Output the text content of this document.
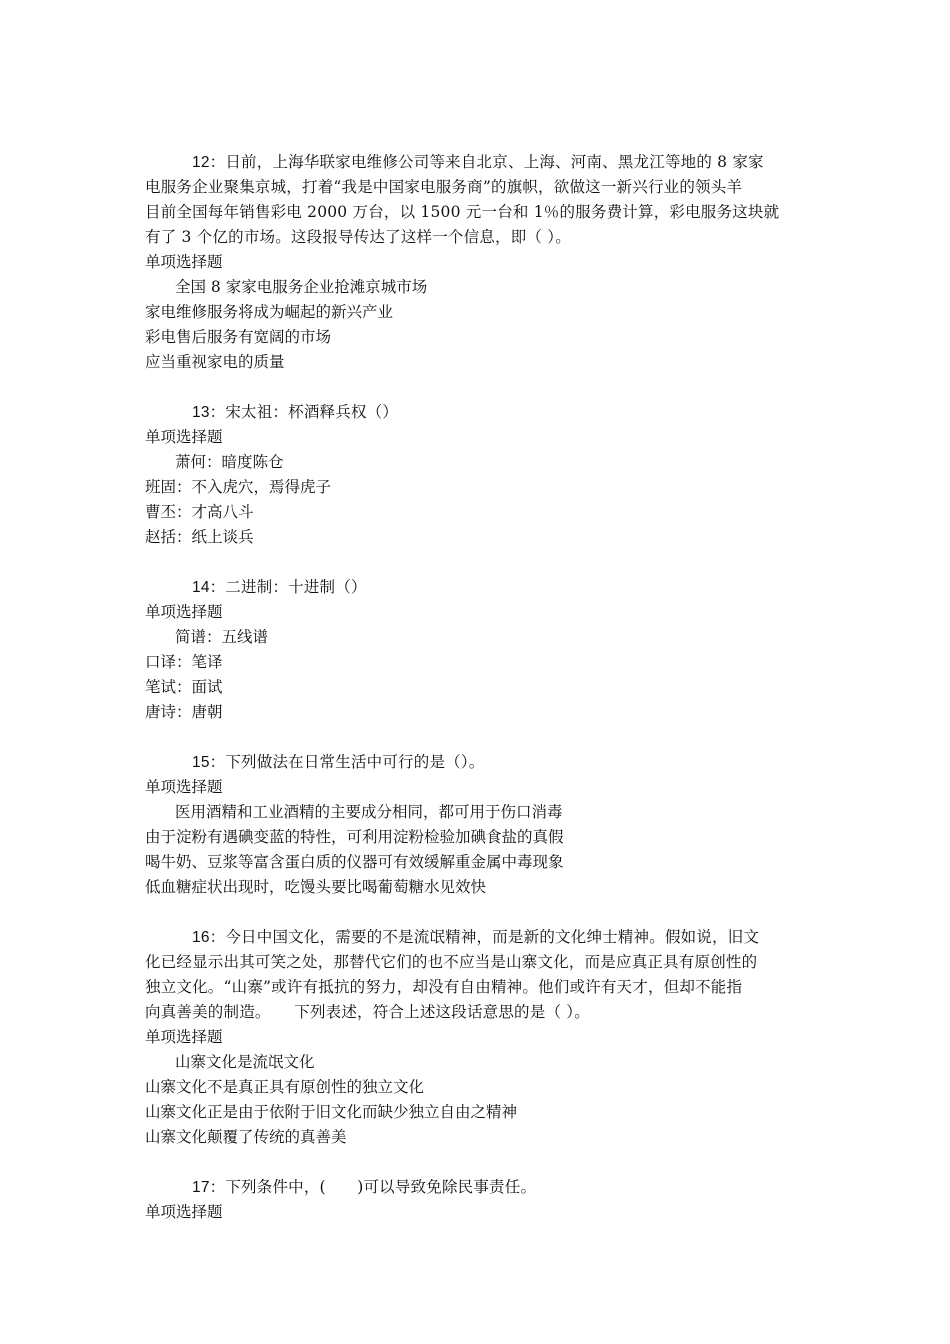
12：日前，上海华联家电维修公司等来自北京、上海、河南、黑龙江等地的 8 家家
电服务企业聚集京城，打着“我是中国家电服务商”的旗帜，欲做这一新兴行业的领头羊
目前全国每年销售彩电 2000 万台，以 1500 元一台和 1％的服务费计算，彩电服务这块就
有了 3 个亿的市场。这段报导传达了这样一个信息，即（ ）。
单项选择题
全国 8 家家电服务企业抢滩京城市场
家电维修服务将成为崛起的新兴产业
彩电售后服务有宽阔的市场
应当重视家电的质量
13：宋太祖：杯酒释兵权（）
单项选择题
萧何：暗度陈仓
班固：不入虎穴，焉得虎子
曹丕：才高八斗
赵括：纸上谈兵
14：二进制：十进制（）
单项选择题
简谱：五线谱
口译：笔译
笔试：面试
唐诗：唐朝
15：下列做法在日常生活中可行的是（）。
单项选择题
医用酒精和工业酒精的主要成分相同，都可用于伤口消毒
由于淀粉有遇碘变蓝的特性，可利用淀粉检验加碘食盐的真假
喝牛奶、豆浆等富含蛋白质的仪器可有效缓解重金属中毒现象
低血糖症状出现时，吃馒头要比喝葡萄糖水见效快
16：今日中国文化，需要的不是流氓精神，而是新的文化绅士精神。假如说，旧文
化已经显示出其可笑之处，那替代它们的也不应当是山寨文化，而是应真正具有原创性的
独立文化。“山寨”或许有抵抗的努力，却没有自由精神。他们或许有天才，但却不能指
向真善美的制造。　　下列表述，符合上述这段话意思的是（ ）。
单项选择题
山寨文化是流氓文化
山寨文化不是真正具有原创性的独立文化
山寨文化正是由于依附于旧文化而缺少独立自由之精神
山寨文化颠覆了传统的真善美
17：下列条件中，(　　)可以导致免除民事责任。
单项选择题
